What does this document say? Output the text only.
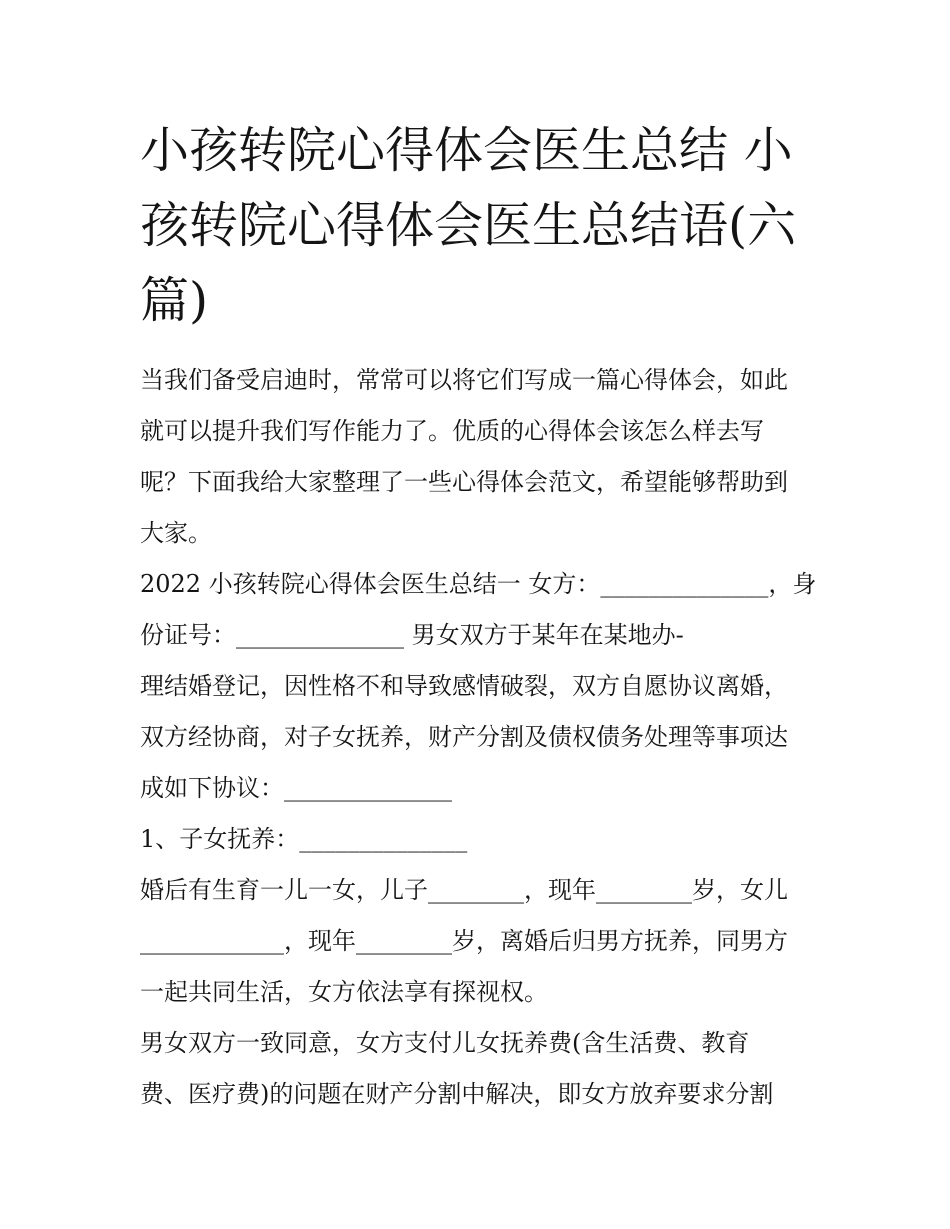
小孩转院心得体会医生总结 小
孩转院心得体会医生总结语(六
篇)
当我们备受启迪时，常常可以将它们写成一篇心得体会，如此
就可以提升我们写作能力了。优质的心得体会该怎么样去写
呢？下面我给大家整理了一些心得体会范文，希望能够帮助到
大家。
2022 小孩转院心得体会医生总结一 女方：______________，身
份证号：______________ 男女双方于某年在某地办-
理结婚登记，因性格不和导致感情破裂，双方自愿协议离婚，
双方经协商，对子女抚养，财产分割及债权债务处理等事项达
成如下协议：______________
1、子女抚养：______________
婚后有生育一儿一女，儿子________，现年________岁，女儿
____________，现年________岁，离婚后归男方抚养，同男方
一起共同生活，女方依法享有探视权。
男女双方一致同意，女方支付儿女抚养费(含生活费、教育
费、医疗费)的问题在财产分割中解决，即女方放弃要求分割
